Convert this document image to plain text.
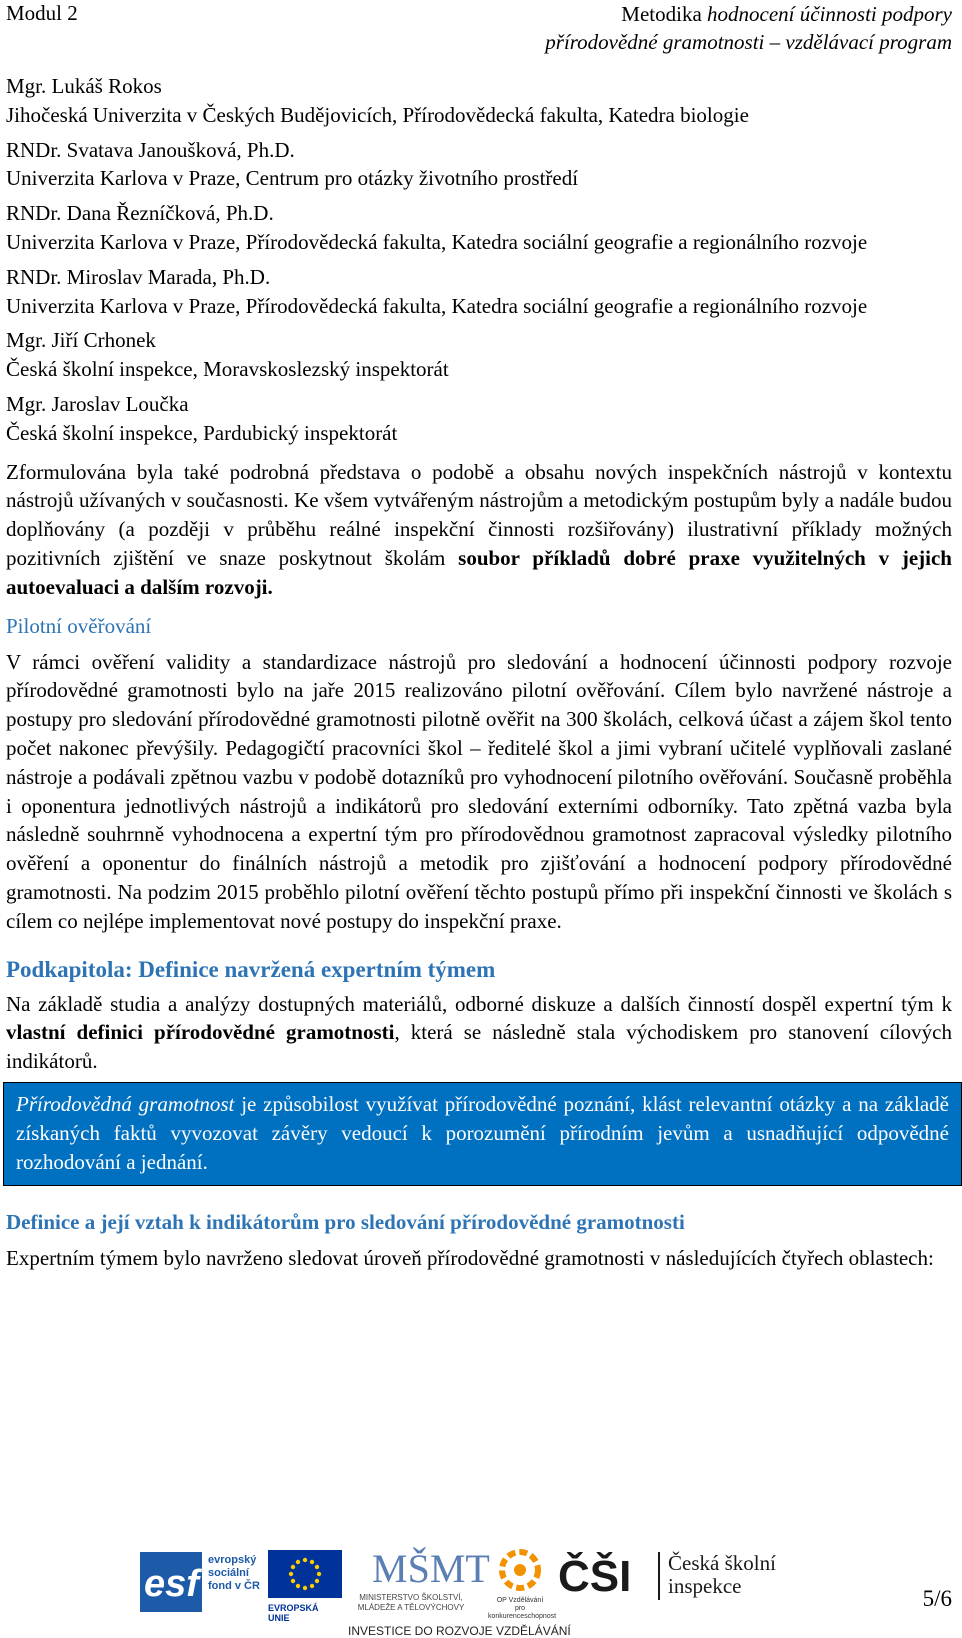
Modul 2	Metodika hodnocení účinnosti podpory
přírodovědné gramotnosti – vzdělávací program

Mgr. Lukáš Rokos

Jihočeská Univerzita v Českých Budějovicích, Přírodovědecká fakulta, Katedra biologie

RNDr. Svatava Janoušková, Ph.D.

Univerzita Karlova v Praze, Centrum pro otázky životního prostředí

RNDr. Dana Řezníčková, Ph.D.

Univerzita Karlova v Praze, Přírodovědecká fakulta, Katedra sociální geografie a regionálního rozvoje

RNDr. Miroslav Marada, Ph.D.

Univerzita Karlova v Praze, Přírodovědecká fakulta, Katedra sociální geografie a regionálního rozvoje

Mgr. Jiří Crhonek

Česká školní inspekce, Moravskoslezský inspektorát

Mgr. Jaroslav Loučka

Česká školní inspekce, Pardubický inspektorát

Zformulována byla také podrobná představa o podobě a obsahu nových inspekčních nástrojů v kontextu nástrojů užívaných v současnosti. Ke všem vytvářeným nástrojům a metodickým postupům byly a nadále budou doplňovány (a později v průběhu reálné inspekční činnosti rozšiřovány) ilustrativní příklady možných pozitivních zjištění ve snaze poskytnout školám soubor příkladů dobré praxe využitelných v jejich autoevaluaci a dalším rozvoji.

Pilotní ověřování

V rámci ověření validity a standardizace nástrojů pro sledování a hodnocení účinnosti podpory rozvoje přírodovědné gramotnosti bylo na jaře 2015 realizováno pilotní ověřování. Cílem bylo navržené nástroje a postupy pro sledování přírodovědné gramotnosti pilotně ověřit na 300 školách, celková účast a zájem škol tento počet nakonec převýšily. Pedagogičtí pracovníci škol – ředitelé škol a jimi vybraní učitelé vyplňovali zaslané nástroje a podávali zpětnou vazbu v podobě dotazníků pro vyhodnocení pilotního ověřování. Současně proběhla i oponentura jednotlivých nástrojů a indikátorů pro sledování externími odborníky. Tato zpětná vazba byla následně souhrnně vyhodnocena a expertní tým pro přírodovědnou gramotnost zapracoval výsledky pilotního ověření a oponentur do finálních nástrojů a metodik pro zjišťování a hodnocení podpory přírodovědné gramotnosti. Na podzim 2015 proběhlo pilotní ověření těchto postupů přímo při inspekční činnosti ve školách s cílem co nejlépe implementovat nové postupy do inspekční praxe.

Podkapitola: Definice navržená expertním týmem

Na základě studia a analýzy dostupných materiálů, odborné diskuze a dalších činností dospěl expertní tým k vlastní definici přírodovědné gramotnosti, která se následně stala východiskem pro stanovení cílových indikátorů.

Přírodovědná gramotnost je způsobilost využívat přírodovědné poznání, klást relevantní otázky a na základě získaných faktů vyvozovat závěry vedoucí k porozumění přírodním jevům a usnadňující odpovědné rozhodování a jednání.
Definice a její vztah k indikátorům pro sledování přírodovědné gramotnosti

Expertním týmem bylo navrženo sledovat úroveň přírodovědné gramotnosti v následujících čtyřech oblastech:

esf
evropský
sociální
fond v ČR
EVROPSKÁ UNIE
MŠMT
MINISTERSTVO ŠKOLSTVÍ,
MLÁDEŽE A TĚLOVÝCHOVY
OP Vzdělávání
pro konkurenceschopnost
ČŠI Česká školní
inspekce
INVESTICE DO ROZVOJE VZDĚLÁVÁNÍ
5/6
